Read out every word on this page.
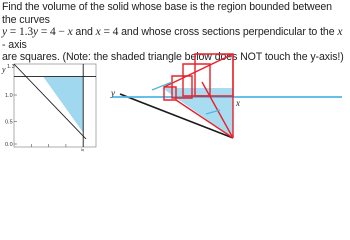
Find the volume of the solid whose base is the region bounded between the curves
y = 1.3y = 4 − x and x = 4 and whose cross sections perpendicular to the x - axis
are squares. (Note: the shaded triangle below does NOT touch the y-axis!)
y 1.3
1.0
0.5
0.0
x
y
x
